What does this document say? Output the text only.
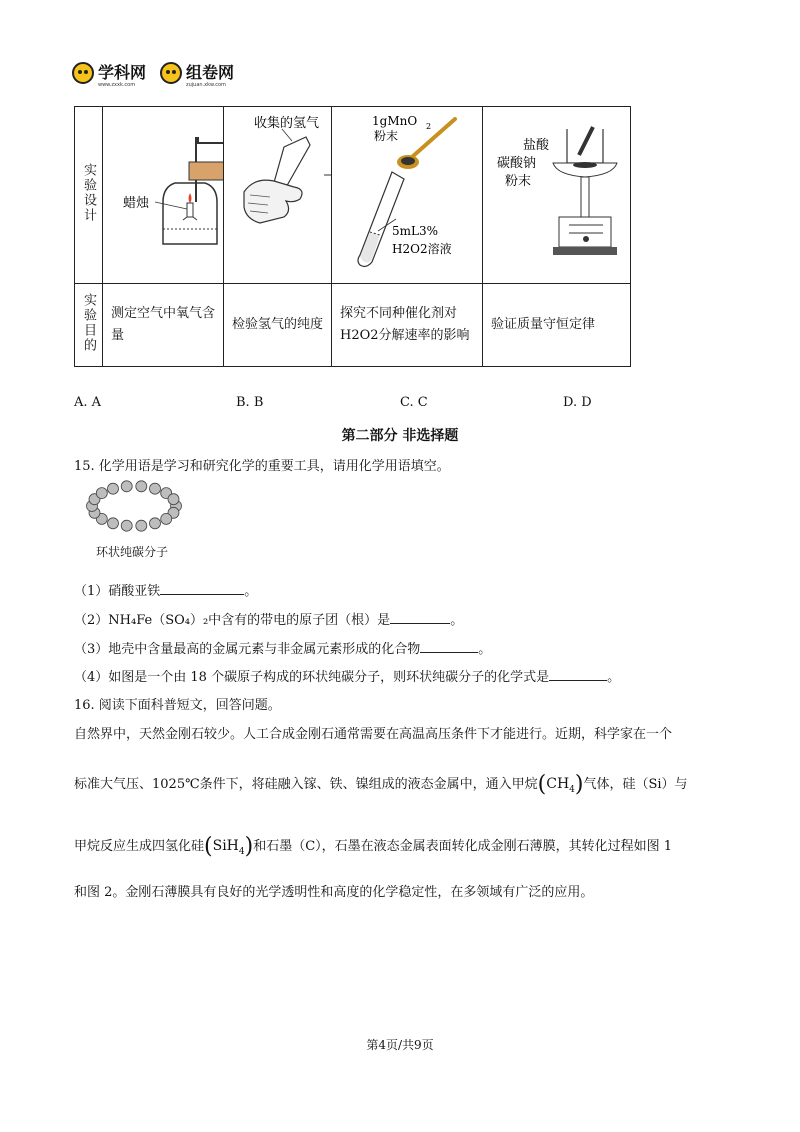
学科网
www.zxxk.com
组卷网
zujuan.xkw.com
实验设计	蜡烛	收集的氢气	1gMnO 2
粉末
5mL3%
H2O2溶液	盐酸
碳酸钠
粉末

实验目的	测定空气中氧气含量	检验氢气的纯度	探究不同种催化剂对H2O2分解速率的影响	验证质量守恒定律
A. A	B. B	C. C	D. D
第二部分 非选择题
15. 化学用语是学习和研究化学的重要工具，请用化学用语填空。
环状纯碳分子
（1）硝酸亚铁	。
（2）NH₄Fe（SO₄）₂中含有的带电的原子团（根）是	。
（3）地壳中含量最高的金属元素与非金属元素形成的化合物	。
（4）如图是一个由 18 个碳原子构成的环状纯碳分子，则环状纯碳分子的化学式是	。
16. 阅读下面科普短文，回答问题。
自然界中，天然金刚石较少。人工合成金刚石通常需要在高温高压条件下才能进行。近期，科学家在一个
标准大气压、1025℃条件下，将硅融入镓、铁、镍组成的液态金属中，通入甲烷$(CH_4)$气体，硅（Si）与
甲烷反应生成四氢化硅(SiH$_4$)和石墨（C），石墨在液态金属表面转化成金刚石薄膜，其转化过程如图 1
和图 2。金刚石薄膜具有良好的光学透明性和高度的化学稳定性，在多领域有广泛的应用。
第4页/共9页
